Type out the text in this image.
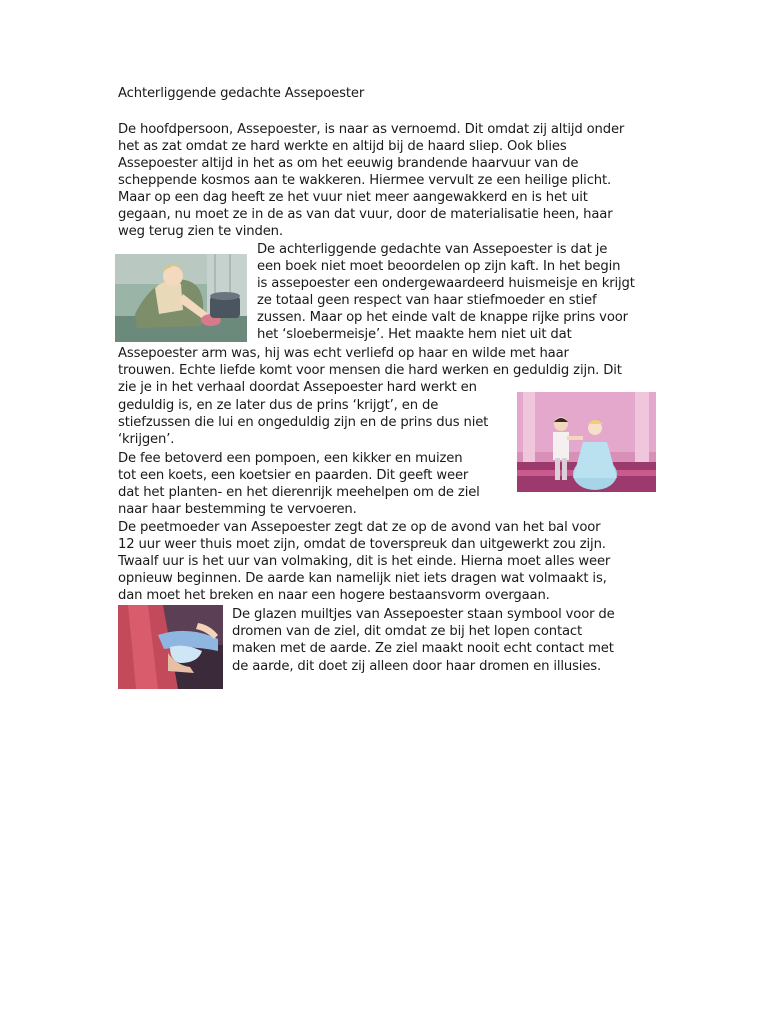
Achterliggende gedachte Assepoester
De hoofdpersoon, Assepoester, is naar as vernoemd. Dit omdat zij altijd onder
het as zat omdat ze hard werkte en altijd bij de haard sliep. Ook blies
Assepoester altijd in het as om het eeuwig brandende haarvuur van de
scheppende kosmos aan te wakkeren. Hiermee vervult ze een heilige plicht.
Maar op een dag heeft ze het vuur niet meer aangewakkerd en is het uit
gegaan, nu moet ze in de as van dat vuur, door de materialisatie heen, haar
weg terug zien te vinden.
De achterliggende gedachte van Assepoester is dat je
een boek niet moet beoordelen op zijn kaft. In het begin
is assepoester een ondergewaardeerd huismeisje en krijgt
ze totaal geen respect van haar stiefmoeder en stief
zussen. Maar op het einde valt de knappe rijke prins voor
het ‘sloebermeisje’. Het maakte hem niet uit dat
Assepoester arm was, hij was echt verliefd op haar en wilde met haar
trouwen. Echte liefde komt voor mensen die hard werken en geduldig zijn. Dit
zie je in het verhaal doordat Assepoester hard werkt en
geduldig is, en ze later dus de prins ‘krijgt’, en de
stiefzussen die lui en ongeduldig zijn en de prins dus niet
‘krijgen’.
De fee betoverd een pompoen, een kikker en muizen
tot een koets, een koetsier en paarden. Dit geeft weer
dat het planten- en het dierenrijk meehelpen om de ziel
naar haar bestemming te vervoeren.
De peetmoeder van Assepoester zegt dat ze op de avond van het bal voor
12 uur weer thuis moet zijn, omdat de toverspreuk dan uitgewerkt zou zijn.
Twaalf uur is het uur van volmaking, dit is het einde. Hierna moet alles weer
opnieuw beginnen. De aarde kan namelijk niet iets dragen wat volmaakt is,
dan moet het breken en naar een hogere bestaansvorm overgaan.
De glazen muiltjes van Assepoester staan symbool voor de
dromen van de ziel, dit omdat ze bij het lopen contact
maken met de aarde. Ze ziel maakt nooit echt contact met
de aarde, dit doet zij alleen door haar dromen en illusies.
